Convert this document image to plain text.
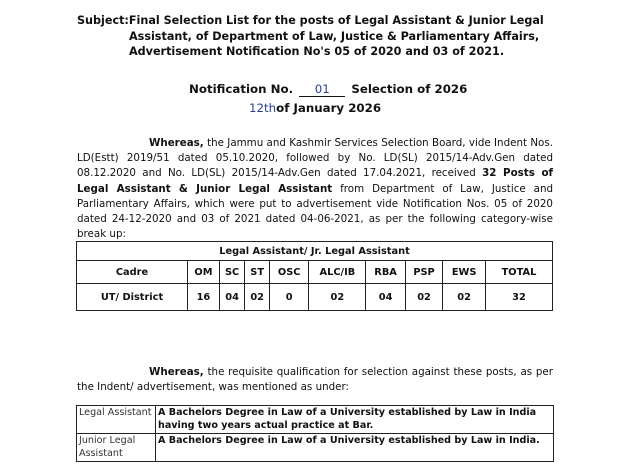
Subject: Final Selection List for the posts of Legal Assistant & Junior Legal
Assistant, of Department of Law, Justice & Parliamentary Affairs,
Advertisement Notification No's 05 of 2020 and 03 of 2021.
Notification No. 01 Selection of 2026
12thof January 2026
Whereas, the Jammu and Kashmir Services Selection Board, vide Indent Nos. LD(Estt) 2019/51 dated 05.10.2020, followed by No. LD(SL) 2015/14-Adv.Gen dated 08.12.2020 and No. LD(SL) 2015/14-Adv.Gen dated 17.04.2021, received 32 Posts of Legal Assistant & Junior Legal Assistant from Department of Law, Justice and Parliamentary Affairs, which were put to advertisement vide Notification Nos. 05 of 2020 dated 24-12-2020 and 03 of 2021 dated 04-06-2021, as per the following category-wise break up:
Legal Assistant/ Jr. Legal Assistant									
Cadre	OM	SC	ST	OSC	ALC/IB	RBA	PSP	EWS	TOTAL
UT/ District	16	04	02	0	02	04	02	02	32
Whereas, the requisite qualification for selection against these posts, as per the Indent/ advertisement, was mentioned as under:
Legal Assistant	A Bachelors Degree in Law of a University established by Law in India having two years actual practice at Bar.
Junior Legal Assistant	A Bachelors Degree in Law of a University established by Law in India.
